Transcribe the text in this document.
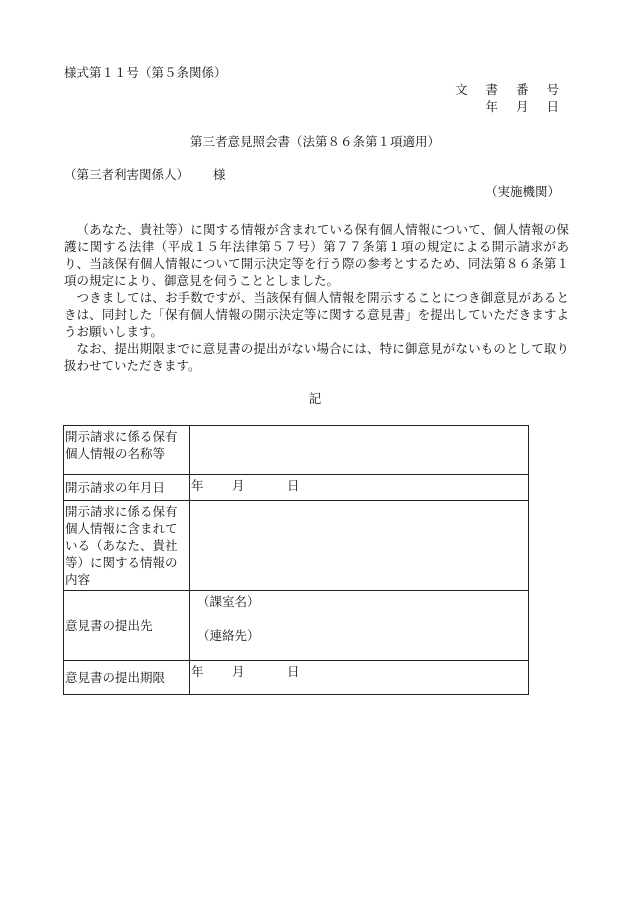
様式第１１号（第５条関係）
文 書 番 号
年 月 日
第三者意見照会書（法第８６条第１項適用）
（第三者利害関係人） 様
（実施機関）

（あなた、貴社等）に関する情報が含まれている保有個人情報について、個人情報の保護に関する法律（平成１５年法律第５７号）第７７条第１項の規定による開示請求があり、当該保有個人情報について開示決定等を行う際の参考とするため、同法第８６条第１項の規定により、御意見を伺うこととしました。

つきましては、お手数ですが、当該保有個人情報を開示することにつき御意見があるときは、同封した「保有個人情報の開示決定等に関する意見書」を提出していただきますようお願いします。

なお、提出期限までに意見書の提出がない場合には、特に御意見がないものとして取り扱わせていただきます。

記
開示請求に係る保有個人情報の名称等	
開示請求の年月日	年 月 日
開示請求に係る保有個人情報に含まれている（あなた、貴社等）に関する情報の内容	
意見書の提出先	（課室名）
（連絡先）

意見書の提出期限	年 月 日
